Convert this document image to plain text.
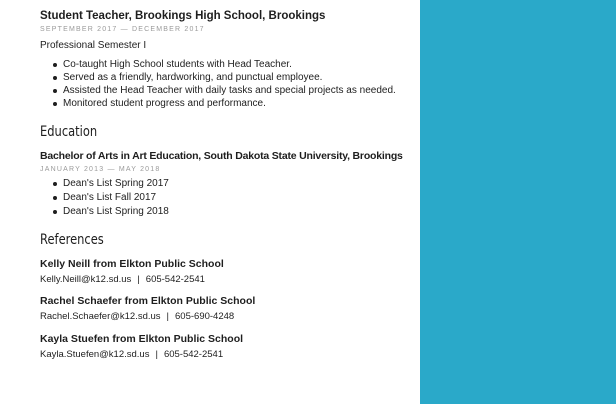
Student Teacher, Brookings High School, Brookings
SEPTEMBER 2017 — DECEMBER 2017
Professional Semester I
Co-taught High School students with Head Teacher.
Served as a friendly, hardworking, and punctual employee.
Assisted the Head Teacher with daily tasks and special projects as needed.
Monitored student progress and performance.
Education
Bachelor of Arts in Art Education, South Dakota State University, Brookings
JANUARY 2013 — MAY 2018
Dean's List Spring 2017
Dean's List Fall 2017
Dean's List Spring 2018
References
Kelly Neill from Elkton Public School
Kelly.Neill@k12.sd.us | 605-542-2541
Rachel Schaefer from Elkton Public School
Rachel.Schaefer@k12.sd.us | 605-690-4248
Kayla Stuefen from Elkton Public School
Kayla.Stuefen@k12.sd.us | 605-542-2541
